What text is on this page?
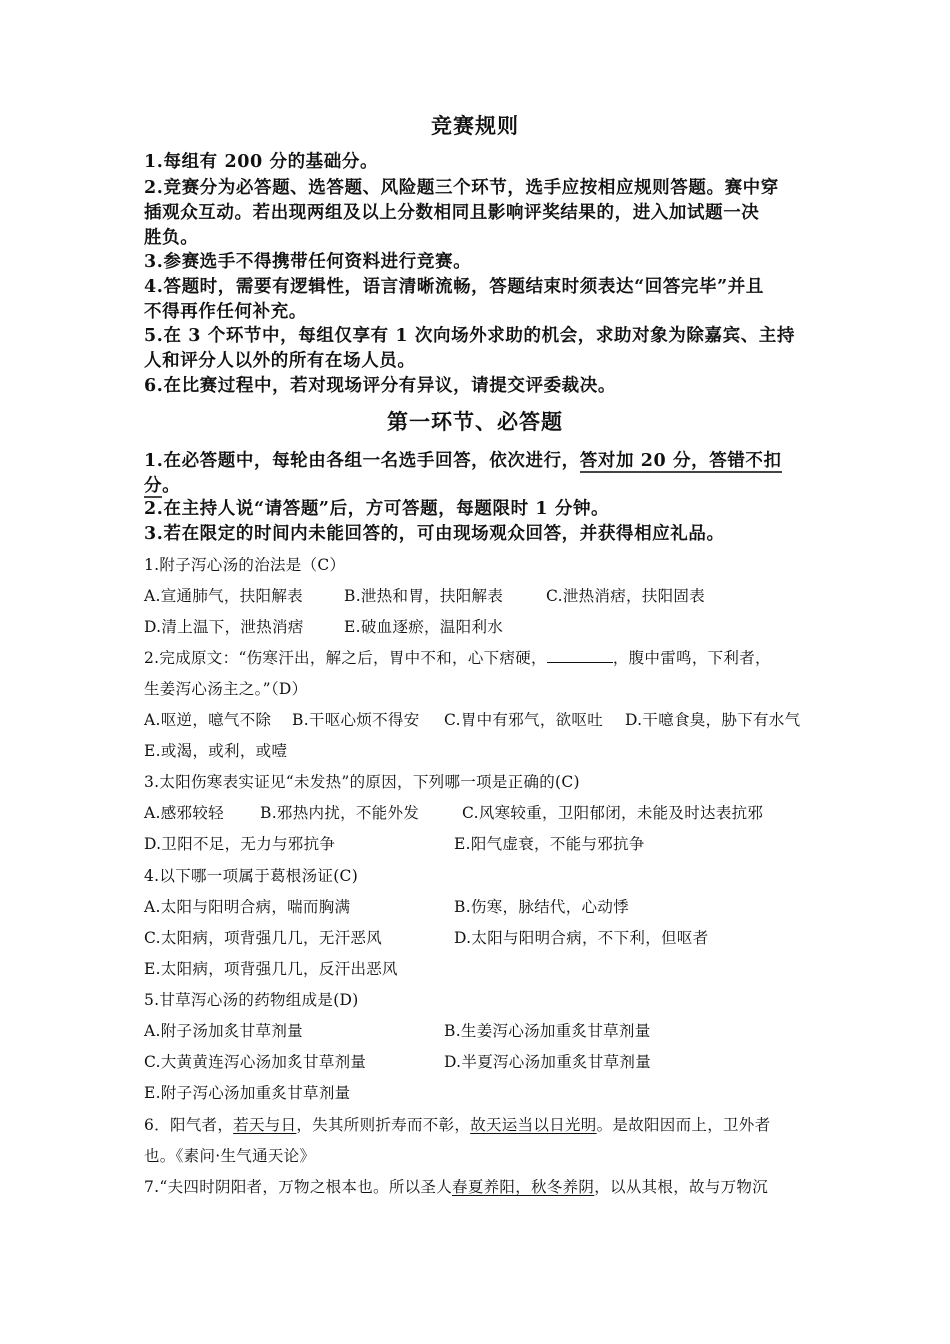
竞赛规则
1.每组有 200 分的基础分。
2.竞赛分为必答题、选答题、风险题三个环节，选手应按相应规则答题。赛中穿
插观众互动。若出现两组及以上分数相同且影响评奖结果的，进入加试题一决
胜负。
3.参赛选手不得携带任何资料进行竞赛。
4.答题时，需要有逻辑性，语言清晰流畅，答题结束时须表达“回答完毕”并且
不得再作任何补充。
5.在 3 个环节中，每组仅享有 1 次向场外求助的机会，求助对象为除嘉宾、主持
人和评分人以外的所有在场人员。
6.在比赛过程中，若对现场评分有异议，请提交评委裁决。
第一环节、必答题
1.在必答题中，每轮由各组一名选手回答，依次进行，答对加 20 分，答错不扣
分。
2.在主持人说“请答题”后，方可答题，每题限时 1 分钟。
3.若在限定的时间内未能回答的，可由现场观众回答，并获得相应礼品。
1.附子泻心汤的治法是（C）
A.宣通肺气，扶阳解表	B.泄热和胃，扶阳解表	C.泄热消痞，扶阳固表
D.清上温下，泄热消痞	E.破血逐瘀，温阳利水
2.完成原文：“伤寒汗出，解之后，胃中不和，心下痞硬，	，腹中雷鸣，下利者，
生姜泻心汤主之。”（D）
A.呕逆，噫气不除 B.干呕心烦不得安 C.胃中有邪气，欲呕吐 D.干噫食臭，胁下有水气
E.或渴，或利，或噎
3.太阳伤寒表实证见“未发热”的原因，下列哪一项是正确的(C)
A.感邪较轻 B.邪热内扰，不能外发	C.风寒较重，卫阳郁闭，未能及时达表抗邪
D.卫阳不足，无力与邪抗争	E.阳气虚衰，不能与邪抗争
4.以下哪一项属于葛根汤证(C)
A.太阳与阳明合病，喘而胸满	B.伤寒，脉结代，心动悸
C.太阳病，项背强几几，无汗恶风	D.太阳与阳明合病，不下利，但呕者
E.太阳病，项背强几几，反汗出恶风
5.甘草泻心汤的药物组成是(D)
A.附子汤加炙甘草剂量	B.生姜泻心汤加重炙甘草剂量
C.大黄黄连泻心汤加炙甘草剂量	D.半夏泻心汤加重炙甘草剂量
E.附子泻心汤加重炙甘草剂量
6．阳气者，若天与日，失其所则折寿而不彰，故天运当以日光明。是故阳因而上，卫外者
也。《素问·生气通天论》
7.“夫四时阴阳者，万物之根本也。所以圣人春夏养阳，秋冬养阴，以从其根，故与万物沉
